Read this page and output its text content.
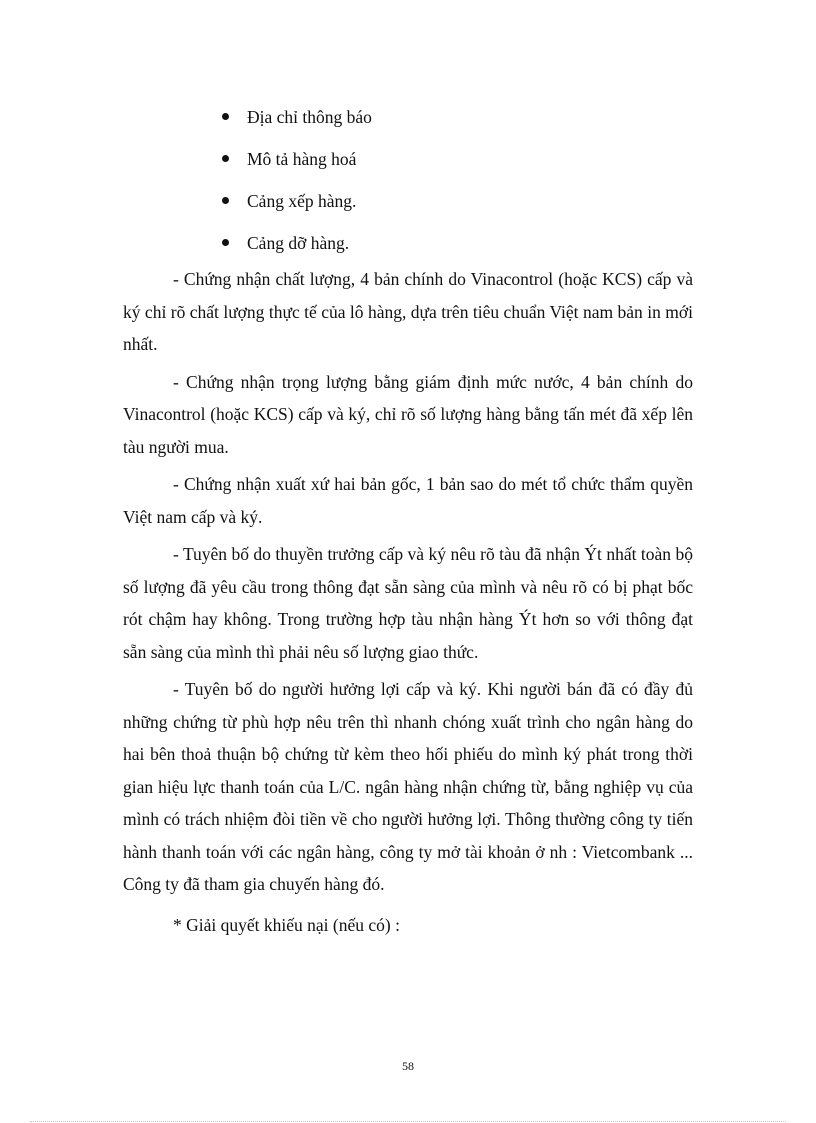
Địa chỉ thông báo
Mô tả hàng hoá
Cảng xếp hàng.
Cảng dỡ hàng.

- Chứng nhận chất lượng, 4 bản chính do Vinacontrol (hoặc KCS) cấp và ký chỉ rõ chất lượng thực tế của lô hàng, dựa trên tiêu chuẩn Việt nam bản in mới nhất.

- Chứng nhận trọng lượng bằng giám định mức nước, 4 bản chính do Vinacontrol (hoặc KCS) cấp và ký, chỉ rõ số lượng hàng bằng tấn mét đã xếp lên tàu người mua.

- Chứng nhận xuất xứ hai bản gốc, 1 bản sao do mét tổ chức thẩm quyền Việt nam cấp và ký.

- Tuyên bố do thuyền trưởng cấp và ký nêu rõ tàu đã nhận Ýt nhất toàn bộ số lượng đã yêu cầu trong thông đạt sẵn sàng của mình và nêu rõ có bị phạt bốc rót chậm hay không. Trong trường hợp tàu nhận hàng Ýt hơn so với thông đạt sẵn sàng của mình thì phải nêu số lượng giao thức.

- Tuyên bố do người hưởng lợi cấp và ký. Khi người bán đã có đầy đủ những chứng từ phù hợp nêu trên thì nhanh chóng xuất trình cho ngân hàng do hai bên thoả thuận bộ chứng từ kèm theo hối phiếu do mình ký phát trong thời gian hiệu lực thanh toán của L/C. ngân hàng nhận chứng từ, bằng nghiệp vụ của mình có trách nhiệm đòi tiền về cho người hưởng lợi. Thông thường công ty tiến hành thanh toán với các ngân hàng, công ty mở tài khoản ở nh : Vietcombank ... Công ty đã tham gia chuyến hàng đó.

* Giải quyết khiếu nại (nếu có) :

58
